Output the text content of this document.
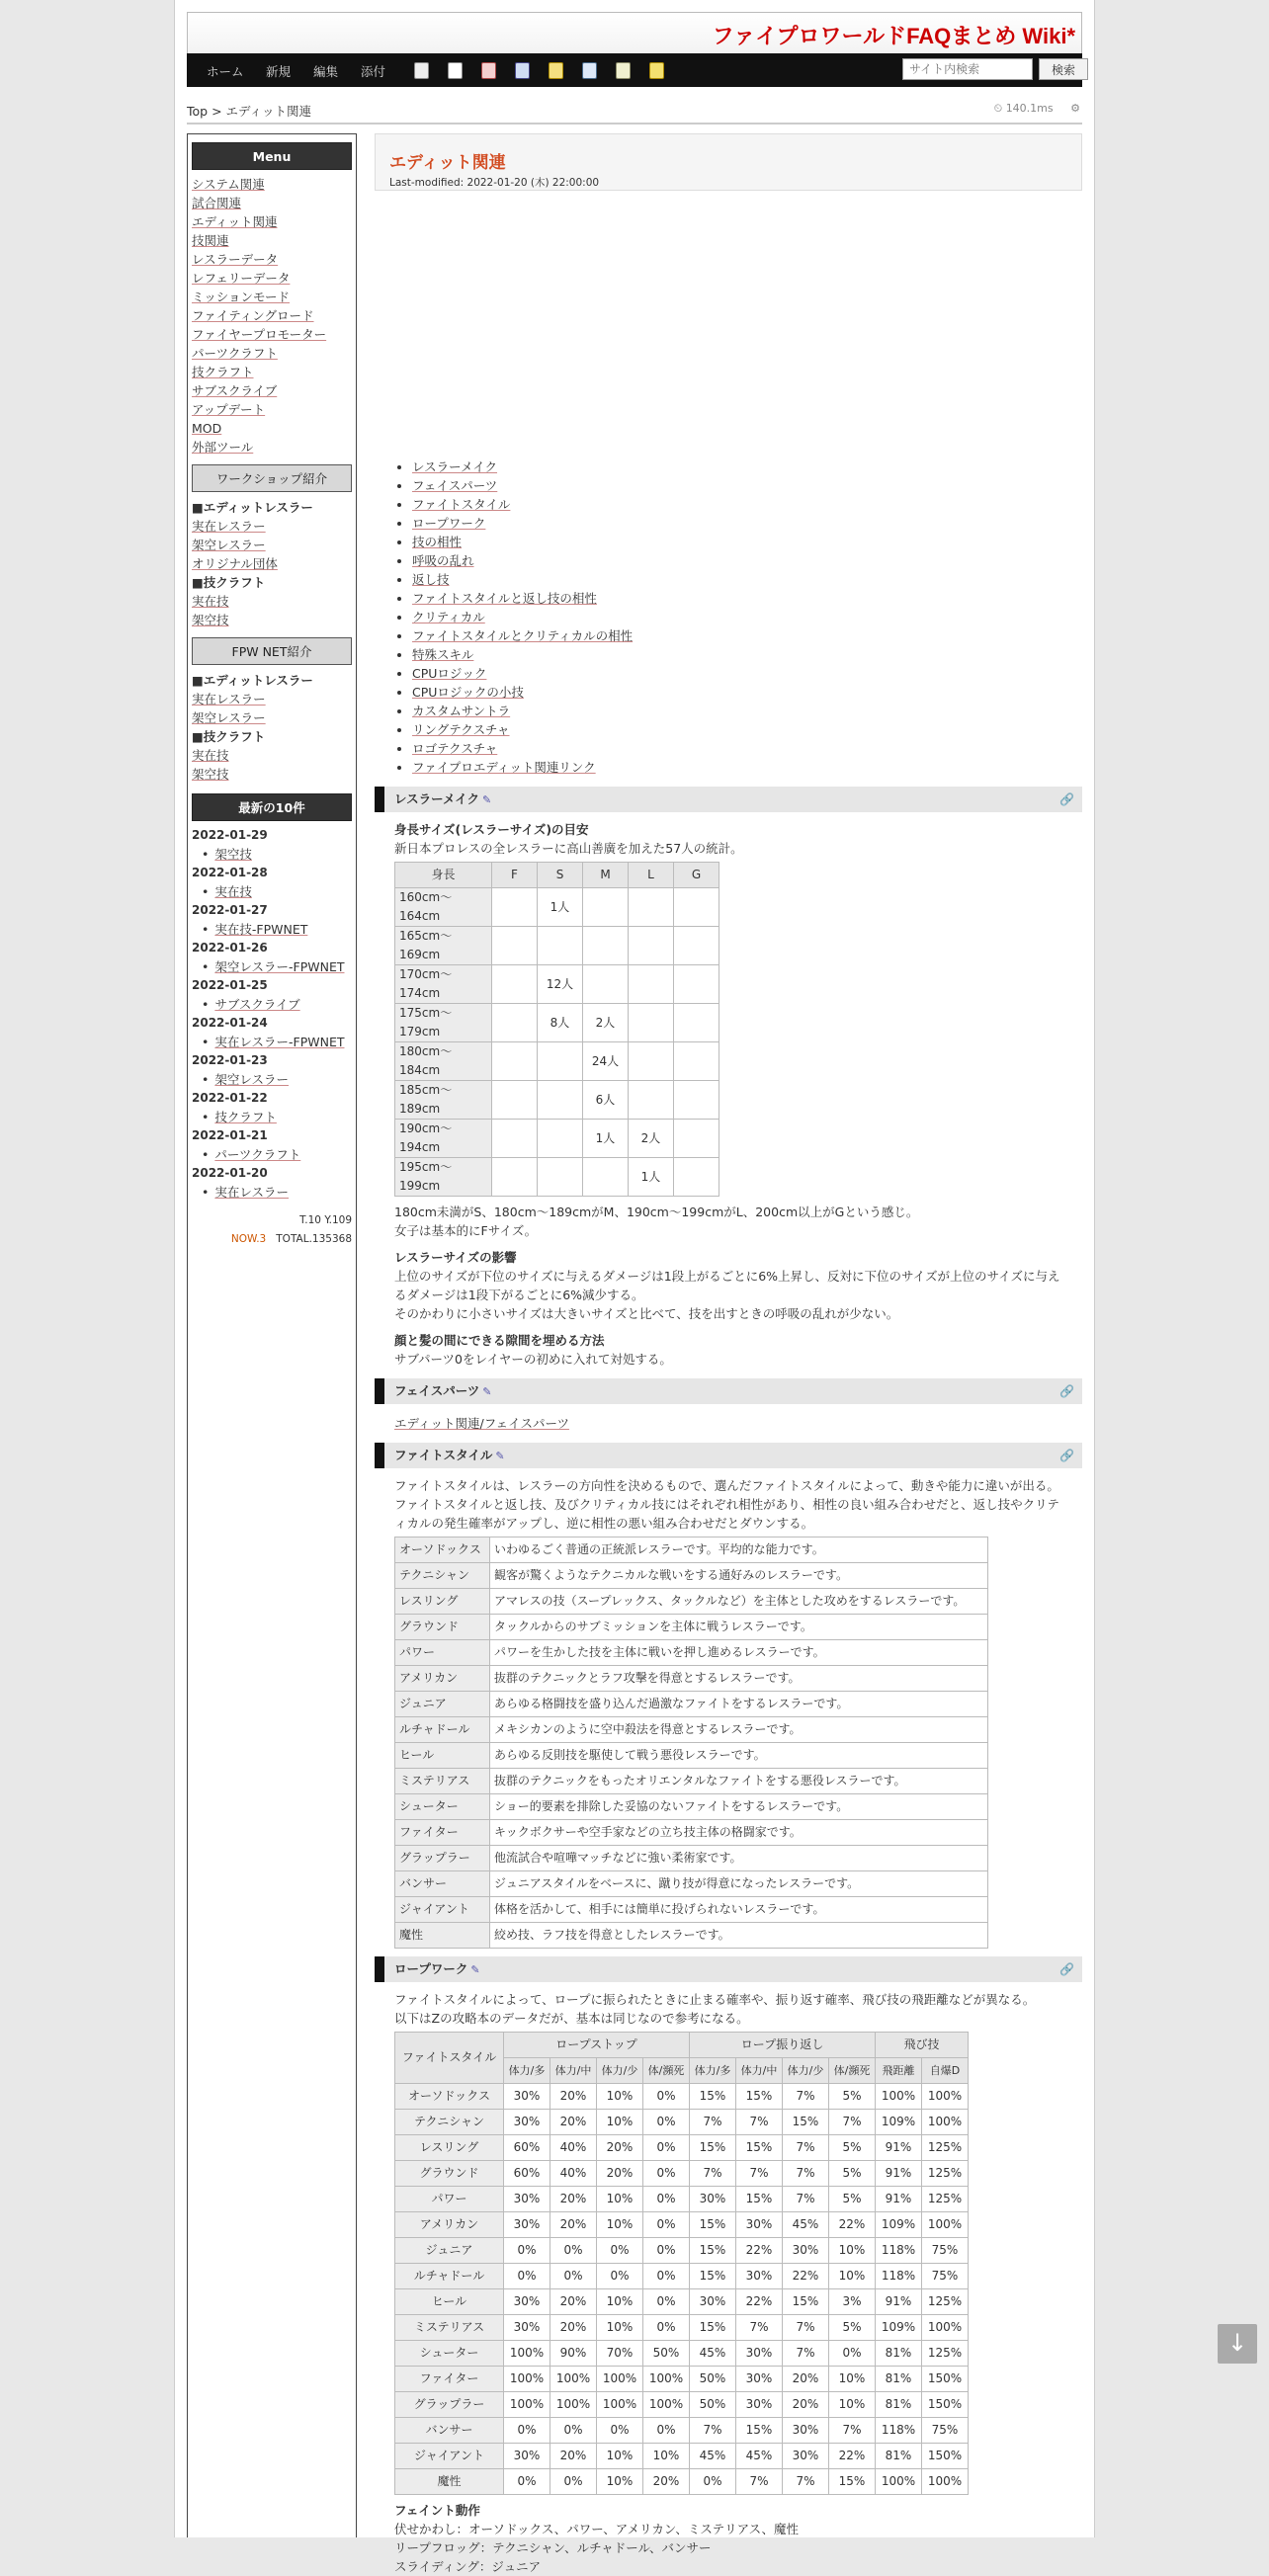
ファイプロワールドFAQまとめ Wiki*
ホーム 新規 編集 添付
サイト内検索	検索
Top > エディット関連	⏲ 140.1ms ⚙
Menu
システム関連
試合関連
エディット関連
技関連
レスラーデータ
レフェリーデータ
ミッションモード
ファイティングロード
ファイヤープロモーター
パーツクラフト
技クラフト
サブスクライブ
アップデート
MOD
外部ツール
ワークショップ紹介
■エディットレスラー
実在レスラー
架空レスラー
オリジナル団体
■技クラフト
実在技
架空技
FPW NET紹介
■エディットレスラー
実在レスラー
架空レスラー
■技クラフト
実在技
架空技
最新の10件
2022-01-29
• 架空技
2022-01-28
• 実在技
2022-01-27
• 実在技-FPWNET
2022-01-26
• 架空レスラー-FPWNET
2022-01-25
• サブスクライブ
2022-01-24
• 実在レスラー-FPWNET
2022-01-23
• 架空レスラー
2022-01-22
• 技クラフト
2022-01-21
• パーツクラフト
2022-01-20
• 実在レスラー
T.10 Y.109
NOW.3 TOTAL.135368
エディット関連
Last-modified: 2022-01-20 (木) 22:00:00
• レスラーメイク
• フェイスパーツ
• ファイトスタイル
• ロープワーク
• 技の相性
• 呼吸の乱れ
• 返し技
• ファイトスタイルと返し技の相性
• クリティカル
• ファイトスタイルとクリティカルの相性
• 特殊スキル
• CPUロジック
• CPUロジックの小技
• カスタムサントラ
• リングテクスチャ
• ロゴテクスチャ
• ファイプロエディット関連リンク
レスラーメイク ✎	🔗
身長サイズ(レスラーサイズ)の目安
新日本プロレスの全レスラーに高山善廣を加えた57人の統計。
身長	F	S	M	L	G
160cm～164cm		1人			
165cm～169cm					
170cm～174cm		12人			
175cm～179cm		8人	2人		
180cm～184cm			24人		
185cm～189cm			6人		
190cm～194cm			1人	2人	
195cm～199cm				1人	
180cm未満がS、180cm～189cmがM、190cm～199cmがL、200cm以上がGという感じ。
女子は基本的にFサイズ。
レスラーサイズの影響
上位のサイズが下位のサイズに与えるダメージは1段上がるごとに6%上昇し、反対に下位のサイズが上位のサイズに与え
るダメージは1段下がるごとに6%減少する。
そのかわりに小さいサイズは大きいサイズと比べて、技を出すときの呼吸の乱れが少ない。
顔と髪の間にできる隙間を埋める方法
サブパーツ0をレイヤーの初めに入れて対処する。
フェイスパーツ ✎	🔗
エディット関連/フェイスパーツ
ファイトスタイル ✎	🔗
ファイトスタイルは、レスラーの方向性を決めるもので、選んだファイトスタイルによって、動きや能力に違いが出る。
ファイトスタイルと返し技、及びクリティカル技にはそれぞれ相性があり、相性の良い組み合わせだと、返し技やクリテ
ィカルの発生確率がアップし、逆に相性の悪い組み合わせだとダウンする。
オーソドックス	いわゆるごく普通の正統派レスラーです。平均的な能力です。
テクニシャン	観客が驚くようなテクニカルな戦いをする通好みのレスラーです。
レスリング	アマレスの技（スープレックス、タックルなど）を主体とした攻めをするレスラーです。
グラウンド	タックルからのサブミッションを主体に戦うレスラーです。
パワー	パワーを生かした技を主体に戦いを押し進めるレスラーです。
アメリカン	抜群のテクニックとラフ攻撃を得意とするレスラーです。
ジュニア	あらゆる格闘技を盛り込んだ過激なファイトをするレスラーです。
ルチャドール	メキシカンのように空中殺法を得意とするレスラーです。
ヒール	あらゆる反則技を駆使して戦う悪役レスラーです。
ミステリアス	抜群のテクニックをもったオリエンタルなファイトをする悪役レスラーです。
シューター	ショー的要素を排除した妥協のないファイトをするレスラーです。
ファイター	キックボクサーや空手家などの立ち技主体の格闘家です。
グラップラー	他流試合や喧嘩マッチなどに強い柔術家です。
バンサー	ジュニアスタイルをベースに、蹴り技が得意になったレスラーです。
ジャイアント	体格を活かして、相手には簡単に投げられないレスラーです。
魔性	絞め技、ラフ技を得意としたレスラーです。
ロープワーク ✎	🔗
ファイトスタイルによって、ロープに振られたときに止まる確率や、振り返す確率、飛び技の飛距離などが異なる。
以下はZの攻略本のデータだが、基本は同じなので参考になる。
ファイトスタイル	ロープストップ				ロープ振り返し				飛び技	
	体力/多	体力/中	体力/少	体/瀕死	体力/多	体力/中	体力/少	体/瀕死	飛距離	自爆D
オーソドックス	30%	20%	10%	0%	15%	15%	7%	5%	100%	100%
テクニシャン	30%	20%	10%	0%	7%	7%	15%	7%	109%	100%
レスリング	60%	40%	20%	0%	15%	15%	7%	5%	91%	125%
グラウンド	60%	40%	20%	0%	7%	7%	7%	5%	91%	125%
パワー	30%	20%	10%	0%	30%	15%	7%	5%	91%	125%
アメリカン	30%	20%	10%	0%	15%	30%	45%	22%	109%	100%
ジュニア	0%	0%	0%	0%	15%	22%	30%	10%	118%	75%
ルチャドール	0%	0%	0%	0%	15%	30%	22%	10%	118%	75%
ヒール	30%	20%	10%	0%	30%	22%	15%	3%	91%	125%
ミステリアス	30%	20%	10%	0%	15%	7%	7%	5%	109%	100%
シューター	100%	90%	70%	50%	45%	30%	7%	0%	81%	125%
ファイター	100%	100%	100%	100%	50%	30%	20%	10%	81%	150%
グラップラー	100%	100%	100%	100%	50%	30%	20%	10%	81%	150%
バンサー	0%	0%	0%	0%	7%	15%	30%	7%	118%	75%
ジャイアント	30%	20%	10%	10%	45%	45%	30%	22%	81%	150%
魔性	0%	0%	10%	20%	0%	7%	7%	15%	100%	100%
フェイント動作
伏せかわし：オーソドックス、パワー、アメリカン、ミステリアス、魔性
リープフロッグ：テクニシャン、ルチャドール、バンサー
スライディング：ジュニア
↓
